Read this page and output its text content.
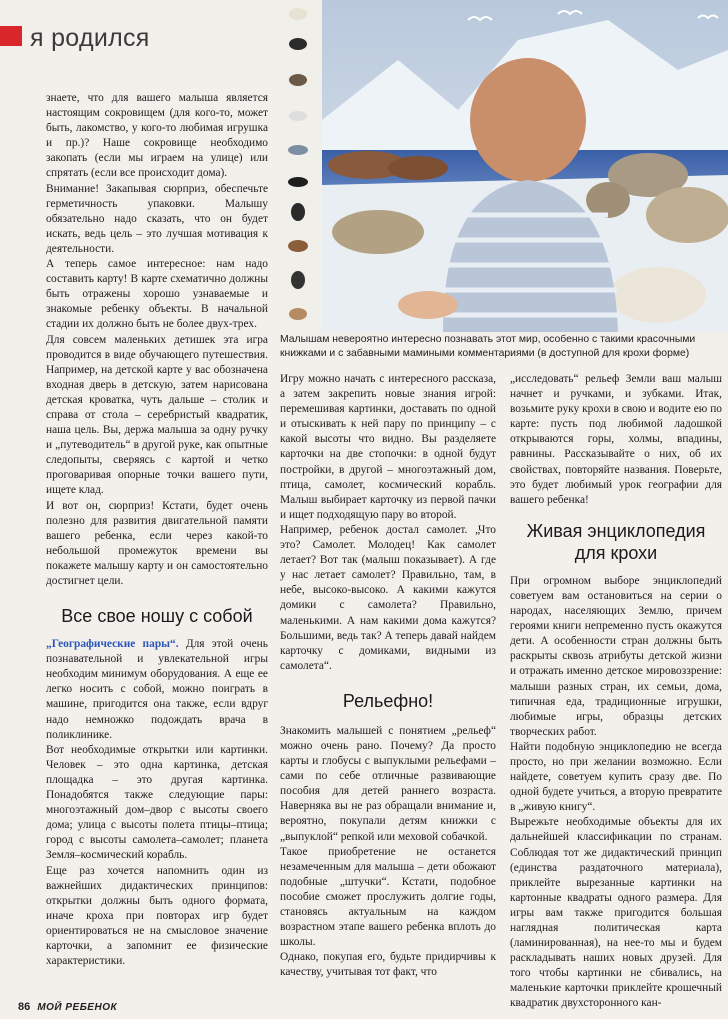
я родился
Малышам невероятно интересно познавать этот мир, особенно с такими красочными книжками и с забавными мамиными комментариями (в доступной для крохи форме)

знаете, что для вашего малыша является настоящим сокровищем (для кого-то, может быть, лакомство, у кого-то любимая игрушка и пр.)? Наше сокровище необходимо закопать (если мы играем на улице) или спрятать (если все происходит дома).

Внимание! Закапывая сюрприз, обеспечьте герметичность упаковки. Малышу обязательно надо сказать, что он будет искать, ведь цель – это лучшая мотивация к деятельности.

А теперь самое интересное: нам надо составить карту! В карте схематично должны быть отражены хорошо узнаваемые и знакомые ребенку объекты. В начальной стадии их должно быть не более двух-трех.

Для совсем маленьких детишек эта игра проводится в виде обучающего путешествия. Например, на детской карте у вас обозначена входная дверь в детскую, затем нарисована детская кроватка, чуть дальше – столик и справа от стола – серебристый квадратик, наша цель. Вы, держа малыша за одну ручку и „путеводитель“ в другой руке, как опытные следопыты, сверяясь с картой и четко проговаривая опорные точки вашего пути, ищете клад.

И вот он, сюрприз! Кстати, будет очень полезно для развития двигательной памяти вашего ребенка, если через какой-то небольшой промежуток времени вы покажете малышу карту и он самостоятельно достигнет цели.

Все свое ношу с собой

„Географические пары“. Для этой очень познавательной и увлекательной игры необходим минимум оборудования. А еще ее легко носить с собой, можно поиграть в машине, пригодится она также, если вдруг надо немножко подождать врача в поликлинике.

Вот необходимые открытки или картинки. Человек – это одна картинка, детская площадка – это другая картинка. Понадобятся также следующие пары: многоэтажный дом–двор с высоты своего дома; улица с высоты полета птицы–птица; город с высоты самолета–самолет; планета Земля–космический корабль.

Еще раз хочется напомнить один из важнейших дидактических принципов: открытки должны быть одного формата, иначе кроха при повторах игр будет ориентироваться не на смысловое значение карточки, а запомнит ее физические характеристики.

Игру можно начать с интересного рассказа, а затем закрепить новые знания игрой: перемешивая картинки, доставать по одной и отыскивать к ней пару по принципу – с какой высоты что видно. Вы разделяете карточки на две стопочки: в одной будут постройки, в другой – многоэтажный дом, птица, самолет, космический корабль. Малыш выбирает карточку из первой пачки и ищет подходящую пару во второй.

Например, ребенок достал самолет. „Что это? Самолет. Молодец! Как самолет летает? Вот так (малыш показывает). А где у нас летает самолет? Правильно, там, в небе, высоко-высоко. А какими кажутся домики с самолета? Правильно, маленькими. А нам какими дома кажутся? Большими, ведь так? А теперь давай найдем карточку с домиками, видными из самолета“.

Рельефно!

Знакомить малышей с понятием „рельеф“ можно очень рано. Почему? Да просто карты и глобусы с выпуклыми рельефами – сами по себе отличные развивающие пособия для детей раннего возраста. Наверняка вы не раз обращали внимание и, вероятно, покупали детям книжки с „выпуклой“ репкой или меховой собачкой.

Такое приобретение не останется незамеченным для малыша – дети обожают подобные „штучки“. Кстати, подобное пособие сможет прослужить долгие годы, становясь актуальным на каждом возрастном этапе вашего ребенка вплоть до школы.

Однако, покупая его, будьте придирчивы к качеству, учитывая тот факт, что

„исследовать“ рельеф Земли ваш малыш начнет и ручками, и зубками. Итак, возьмите руку крохи в свою и водите ею по карте: пусть под любимой ладошкой открываются горы, холмы, впадины, равнины. Рассказывайте о них, об их свойствах, повторяйте названия. Поверьте, это будет любимый урок географии для вашего ребенка!

Живая энциклопедия для крохи

При огромном выборе энциклопедий советуем вам остановиться на серии о народах, населяющих Землю, причем героями книги непременно пусть окажутся дети. А особенности стран должны быть раскрыты сквозь атрибуты детской жизни и отражать именно детское мировоззрение: малыши разных стран, их семьи, дома, типичная еда, традиционные игрушки, любимые игры, образцы детских творческих работ.

Найти подобную энциклопедию не всегда просто, но при желании возможно. Если найдете, советуем купить сразу две. По одной будете учиться, а вторую превратите в „живую книгу“.

Вырежьте необходимые объекты для их дальнейшей классификации по странам. Соблюдая тот же дидактический принцип (единства раздаточного материала), приклейте вырезанные картинки на картонные квадраты одного размера. Для игры вам также пригодится большая наглядная политическая карта (ламинированная), на нее-то мы и будем раскладывать наших новых друзей. Для того чтобы картинки не сбивались, на маленькие карточки приклейте крошечный квадратик двухсторонного кан-

86 МОЙ РЕБЕНОК
